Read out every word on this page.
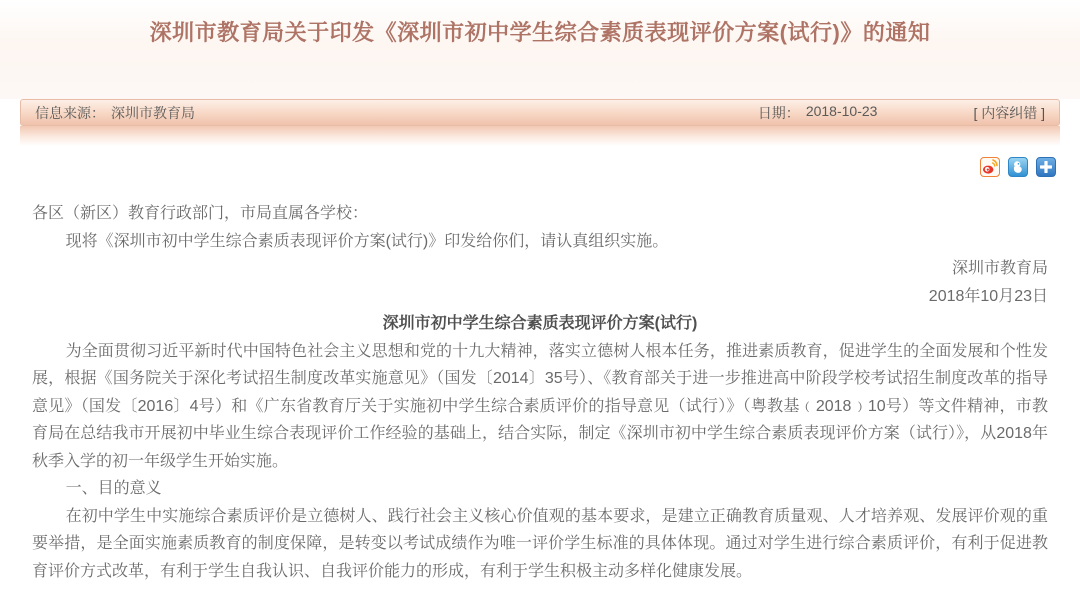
深圳市教育局关于印发《深圳市初中学生综合素质表现评价方案(试行)》的通知
信息来源： 深圳市教育局	日期： 2018-10-23	[ 内容纠错 ]

各区（新区）教育行政部门，市局直属各学校：

现将《深圳市初中学生综合素质表现评价方案(试行)》印发给你们，请认真组织实施。

深圳市教育局

2018年10月23日

深圳市初中学生综合素质表现评价方案(试行)

为全面贯彻习近平新时代中国特色社会主义思想和党的十九大精神，落实立德树人根本任务，推进素质教育，促进学生的全面发展和个性发展，根据《国务院关于深化考试招生制度改革实施意见》（国发〔2014〕35号）、《教育部关于进一步推进高中阶段学校考试招生制度改革的指导意见》（国发〔2016〕4号）和《广东省教育厅关于实施初中学生综合素质评价的指导意见（试行）》（粤教基﹙2018﹚10号）等文件精神，市教育局在总结我市开展初中毕业生综合表现评价工作经验的基础上，结合实际，制定《深圳市初中学生综合素质表现评价方案（试行）》，从2018年秋季入学的初一年级学生开始实施。

一、目的意义

在初中学生中实施综合素质评价是立德树人、践行社会主义核心价值观的基本要求，是建立正确教育质量观、人才培养观、发展评价观的重要举措，是全面实施素质教育的制度保障，是转变以考试成绩作为唯一评价学生标准的具体体现。通过对学生进行综合素质评价，有利于促进教育评价方式改革，有利于学生自我认识、自我评价能力的形成，有利于学生积极主动多样化健康发展。
